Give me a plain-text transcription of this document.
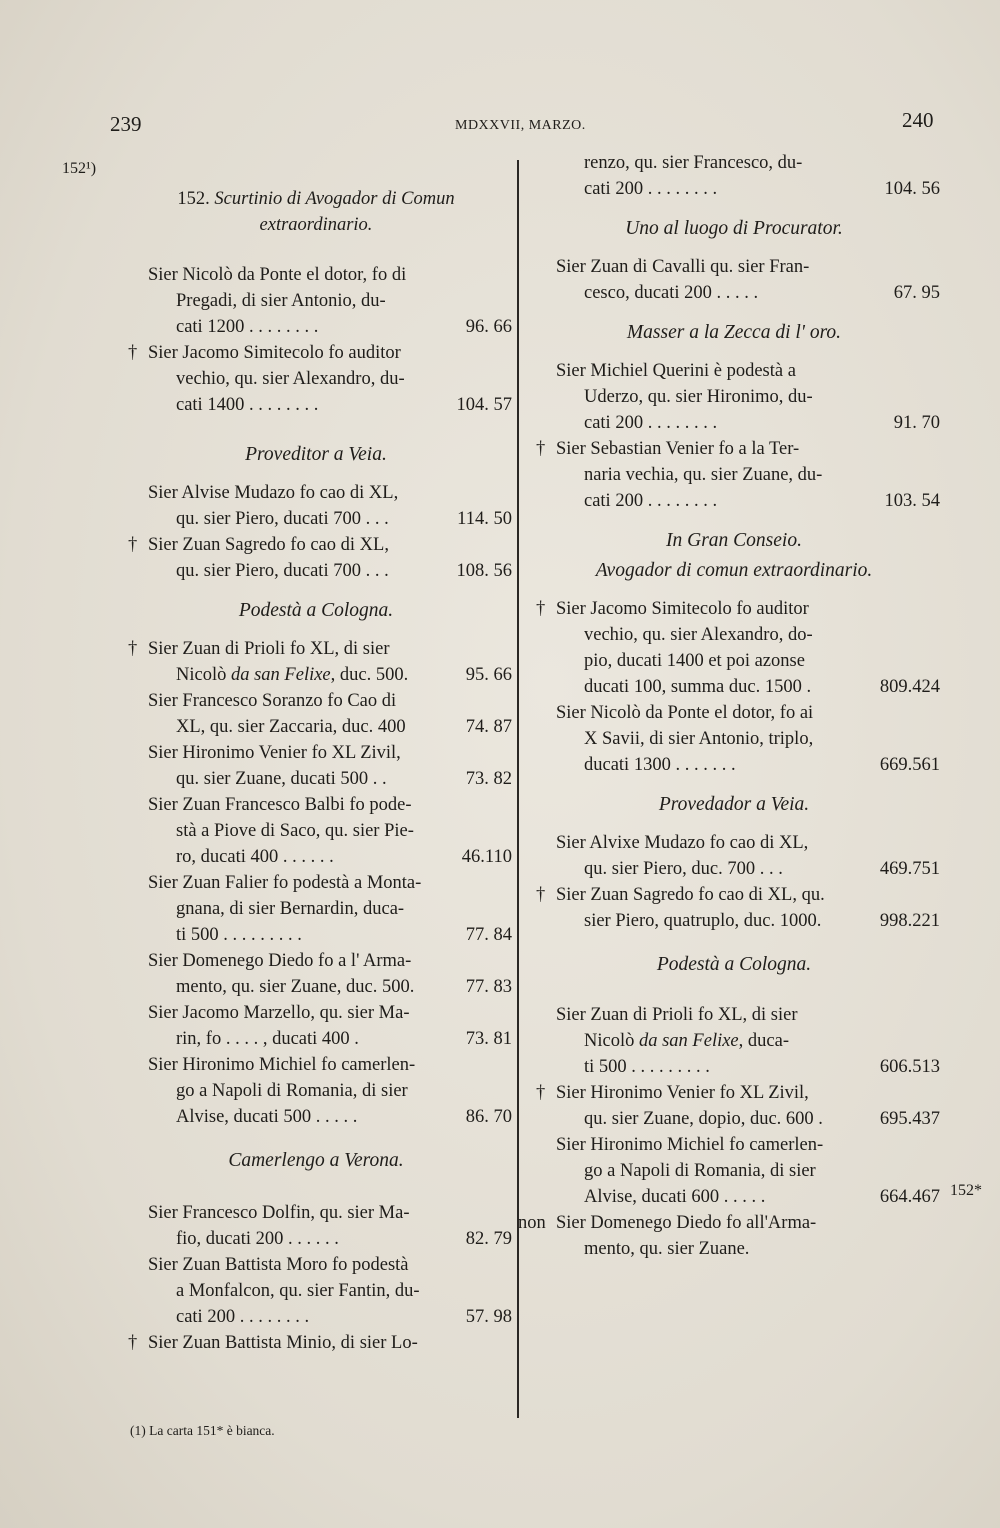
239	MDXXVII, MARZO.	240
152¹)
152*
152. Scurtinio di Avogador di Comun
extraordinario.
Sier Nicolò da Ponte el dotor, fo di
Pregadi, di sier Antonio, du-
cati 1200 . . . . . . . .	96. 66
† Sier Jacomo Simitecolo fo auditor
vechio, qu. sier Alexandro, du-
cati 1400 . . . . . . . .	104. 57
Proveditor a Veia.
Sier Alvise Mudazo fo cao di XL,
qu. sier Piero, ducati 700 . . .	114. 50
† Sier Zuan Sagredo fo cao di XL,
qu. sier Piero, ducati 700 . . .	108. 56
Podestà a Cologna.
† Sier Zuan di Prioli fo XL, di sier
Nicolò da san Felixe, duc. 500.	95. 66
Sier Francesco Soranzo fo Cao di
XL, qu. sier Zaccaria, duc. 400	74. 87
Sier Hironimo Venier fo XL Zivil,
qu. sier Zuane, ducati 500 . .	73. 82
Sier Zuan Francesco Balbi fo pode-
stà a Piove di Saco, qu. sier Pie-
ro, ducati 400 . . . . . .	46.110
Sier Zuan Falier fo podestà a Monta-
gnana, di sier Bernardin, duca-
ti 500 . . . . . . . . .	77. 84
Sier Domenego Diedo fo a l' Arma-
mento, qu. sier Zuane, duc. 500.	77. 83
Sier Jacomo Marzello, qu. sier Ma-
rin, fo . . . . , ducati 400 .	73. 81
Sier Hironimo Michiel fo camerlen-
go a Napoli di Romania, di sier
Alvise, ducati 500 . . . . .	86. 70
Camerlengo a Verona.
Sier Francesco Dolfin, qu. sier Ma-
fio, ducati 200 . . . . . .	82. 79
Sier Zuan Battista Moro fo podestà
a Monfalcon, qu. sier Fantin, du-
cati 200 . . . . . . . .	57. 98
† Sier Zuan Battista Minio, di sier Lo-
renzo, qu. sier Francesco, du-
cati 200 . . . . . . . .	104. 56
Uno al luogo di Procurator.
Sier Zuan di Cavalli qu. sier Fran-
cesco, ducati 200 . . . . .	67. 95
Masser a la Zecca di l' oro.
Sier Michiel Querini è podestà a
Uderzo, qu. sier Hironimo, du-
cati 200 . . . . . . . .	91. 70
† Sier Sebastian Venier fo a la Ter-
naria vechia, qu. sier Zuane, du-
cati 200 . . . . . . . .	103. 54
In Gran Conseio.
Avogador di comun extraordinario.
† Sier Jacomo Simitecolo fo auditor
vechio, qu. sier Alexandro, do-
pio, ducati 1400 et poi azonse
ducati 100, summa duc. 1500 .	809.424
Sier Nicolò da Ponte el dotor, fo ai
X Savii, di sier Antonio, triplo,
ducati 1300 . . . . . . .	669.561
Provedador a Veia.
Sier Alvixe Mudazo fo cao di XL,
qu. sier Piero, duc. 700 . . .	469.751
† Sier Zuan Sagredo fo cao di XL, qu.
sier Piero, quatruplo, duc. 1000.	998.221
Podestà a Cologna.
Sier Zuan di Prioli fo XL, di sier
Nicolò da san Felixe, duca-
ti 500 . . . . . . . . .	606.513
† Sier Hironimo Venier fo XL Zivil,
qu. sier Zuane, dopio, duc. 600 .	695.437
Sier Hironimo Michiel fo camerlen-
go a Napoli di Romania, di sier
Alvise, ducati 600 . . . . .	664.467
non Sier Domenego Diedo fo all'Arma-
mento, qu. sier Zuane.
(1) La carta 151* è bianca.
